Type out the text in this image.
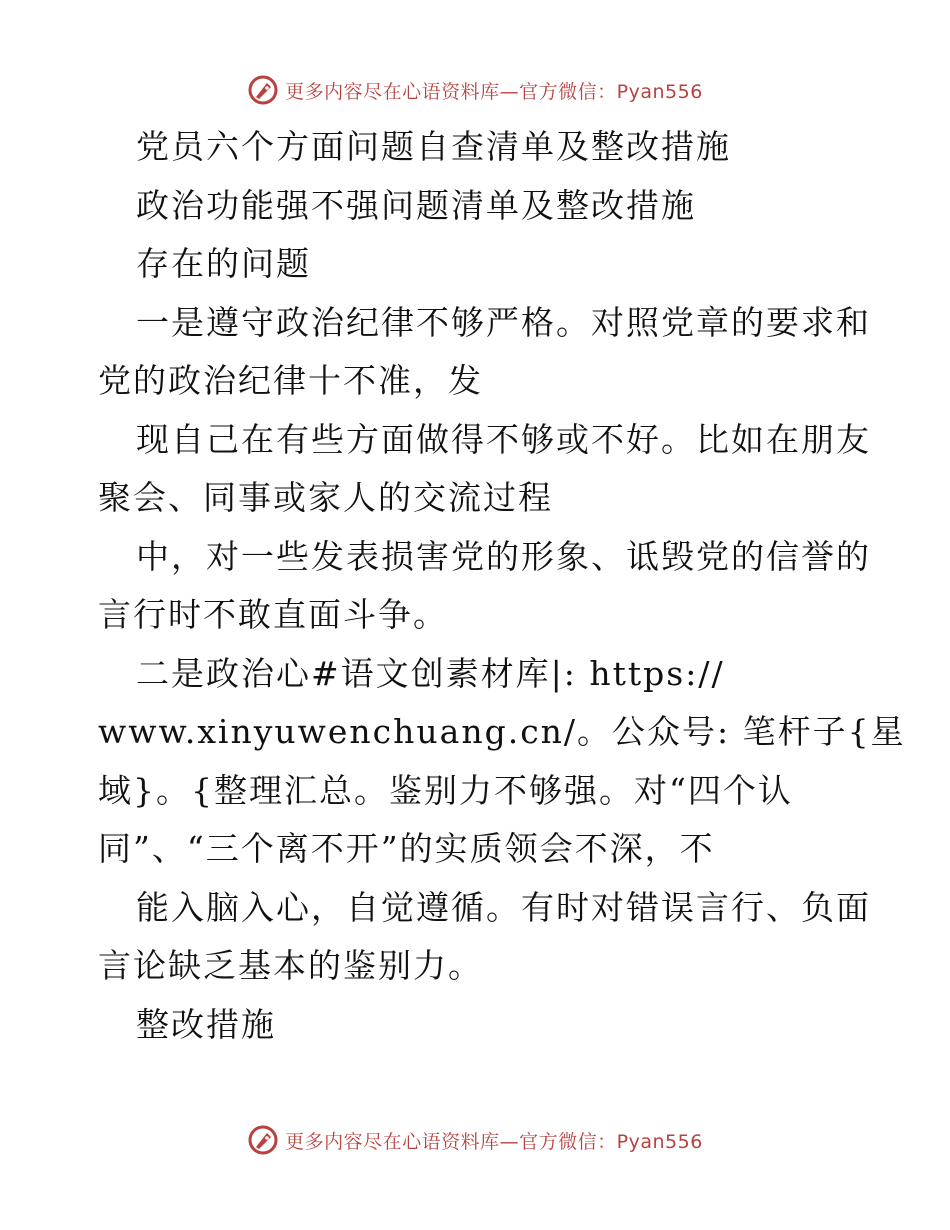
更多内容尽在心语资料库—官方微信：Pyan556
党员六个方面问题自查清单及整改措施
政治功能强不强问题清单及整改措施
存在的问题
一是遵守政治纪律不够严格。对照党章的要求和
党的政治纪律十不准，发
现自己在有些方面做得不够或不好。比如在朋友
聚会、同事或家人的交流过程
中，对一些发表损害党的形象、诋毁党的信誉的
言行时不敢直面斗争。
二是政治心#语文创素材库|: https://
www.xinyuwenchuang.cn/。公众号: 笔杆子{星
域}。{整理汇总。鉴别力不够强。对“四个认
同”、“三个离不开”的实质领会不深，不
能入脑入心，自觉遵循。有时对错误言行、负面
言论缺乏基本的鉴别力。
整改措施
更多内容尽在心语资料库—官方微信：Pyan556
